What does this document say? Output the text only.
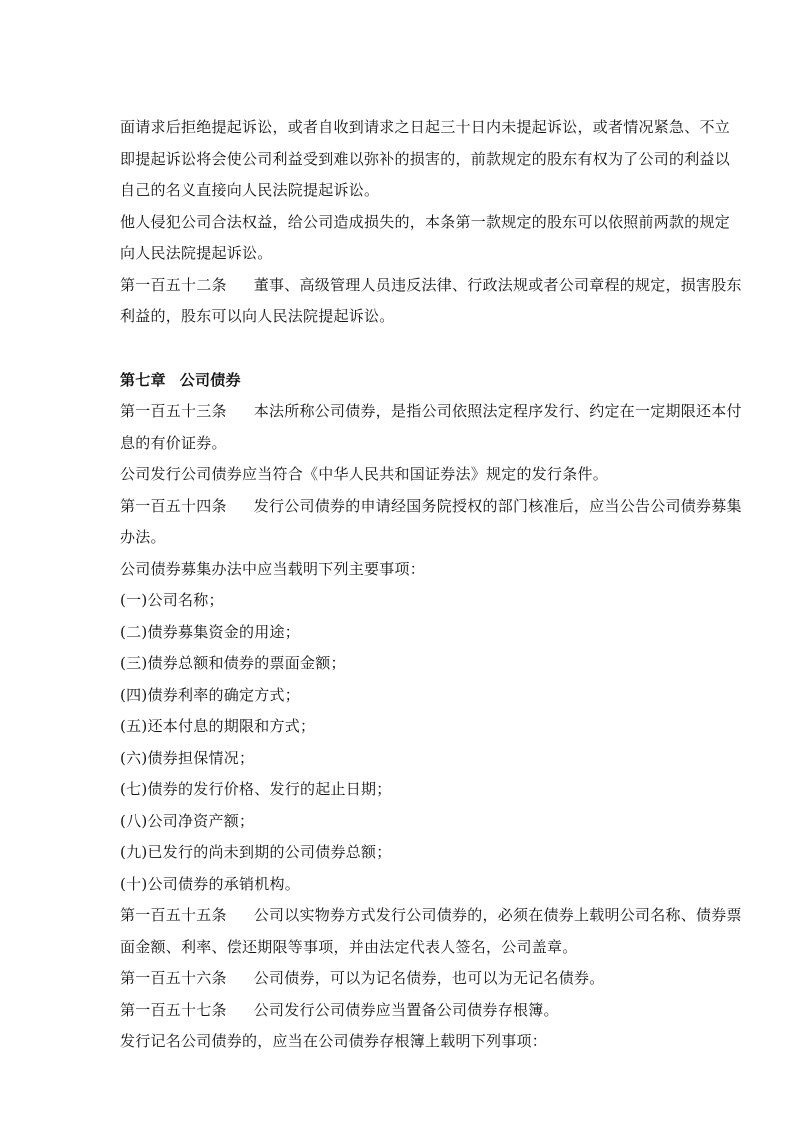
面请求后拒绝提起诉讼，或者自收到请求之日起三十日内未提起诉讼，或者情况紧急、不立
即提起诉讼将会使公司利益受到难以弥补的损害的，前款规定的股东有权为了公司的利益以
自己的名义直接向人民法院提起诉讼。
他人侵犯公司合法权益，给公司造成损失的，本条第一款规定的股东可以依照前两款的规定
向人民法院提起诉讼。
第一百五十二条 董事、高级管理人员违反法律、行政法规或者公司章程的规定，损害股东
利益的，股东可以向人民法院提起诉讼。
第七章 公司债券
第一百五十三条 本法所称公司债券，是指公司依照法定程序发行、约定在一定期限还本付
息的有价证券。
公司发行公司债券应当符合《中华人民共和国证券法》规定的发行条件。
第一百五十四条 发行公司债券的申请经国务院授权的部门核准后，应当公告公司债券募集
办法。
公司债券募集办法中应当载明下列主要事项：
(一)公司名称；
(二)债券募集资金的用途；
(三)债券总额和债券的票面金额；
(四)债券利率的确定方式；
(五)还本付息的期限和方式；
(六)债券担保情况；
(七)债券的发行价格、发行的起止日期；
(八)公司净资产额；
(九)已发行的尚未到期的公司债券总额；
(十)公司债券的承销机构。
第一百五十五条 公司以实物券方式发行公司债券的，必须在债券上载明公司名称、债券票
面金额、利率、偿还期限等事项，并由法定代表人签名，公司盖章。
第一百五十六条 公司债券，可以为记名债券，也可以为无记名债券。
第一百五十七条 公司发行公司债券应当置备公司债券存根簿。
发行记名公司债券的，应当在公司债券存根簿上载明下列事项：
